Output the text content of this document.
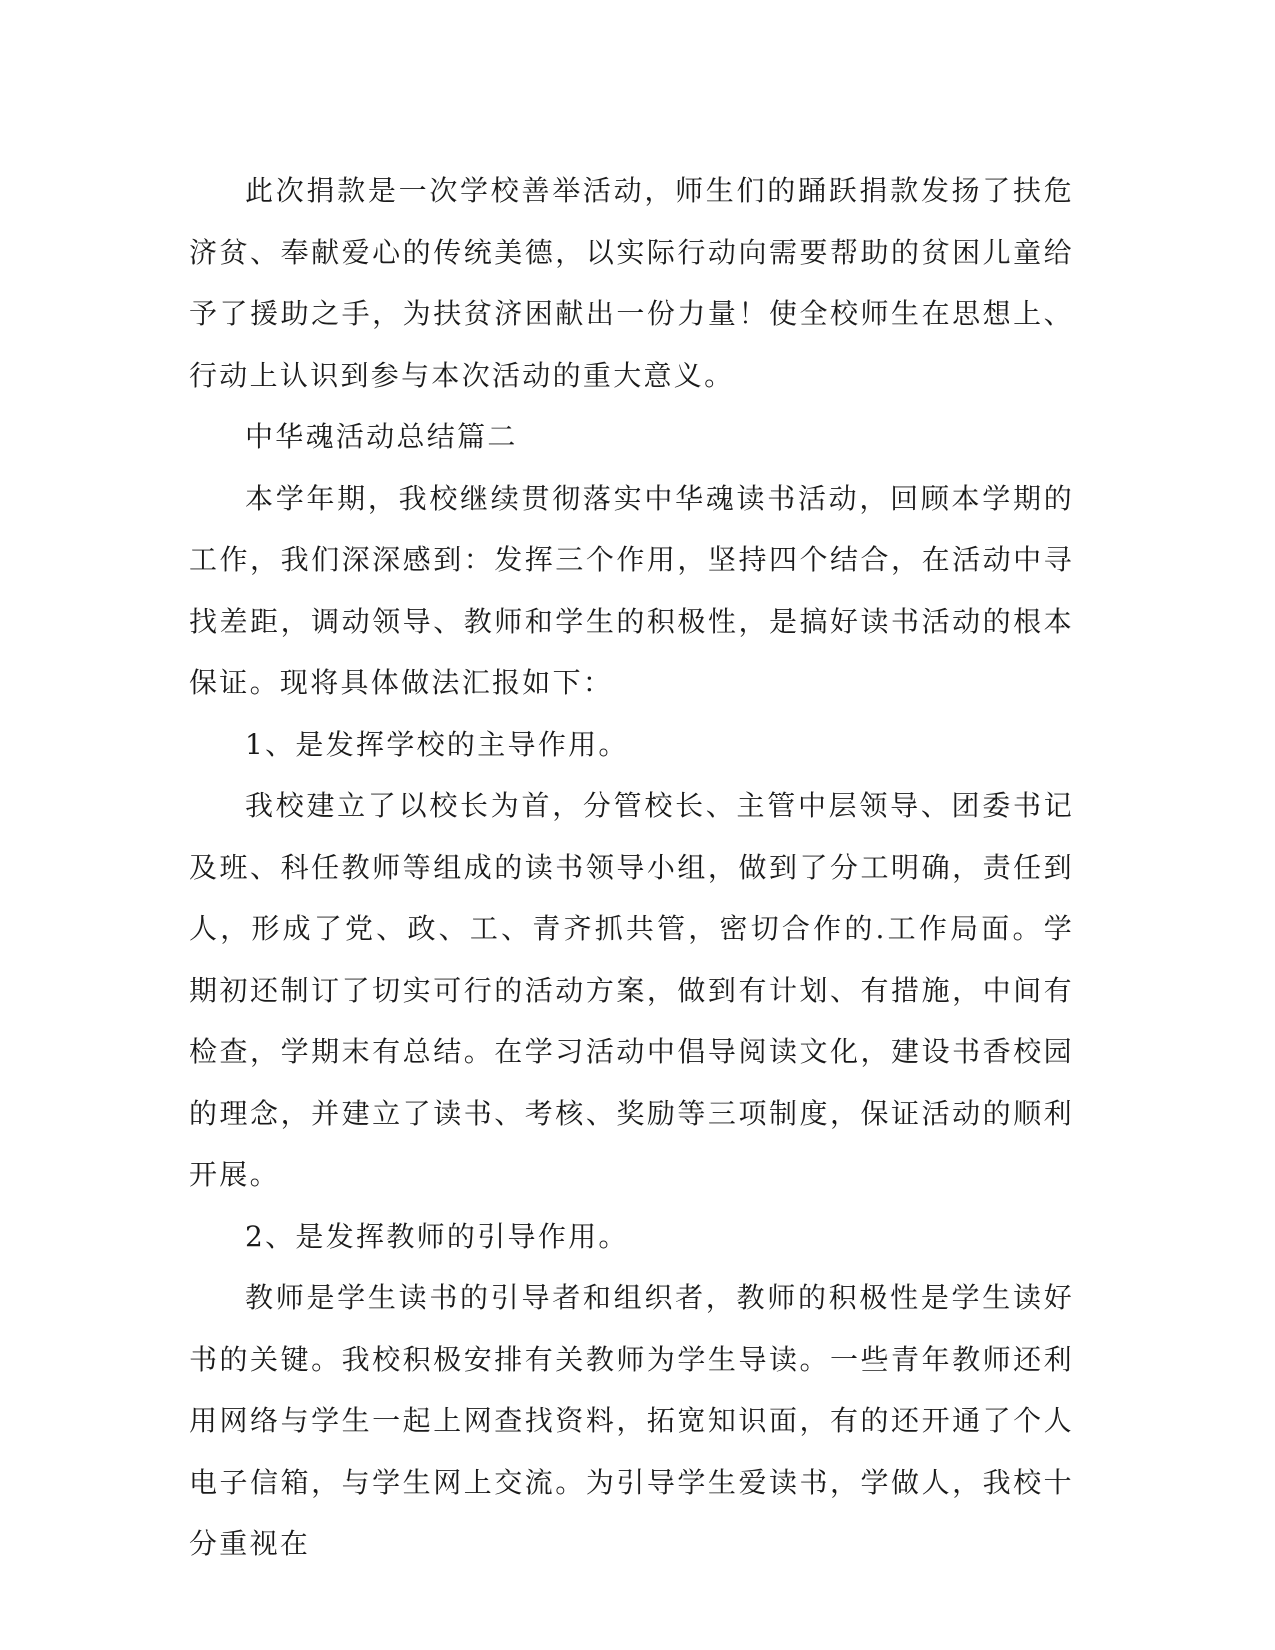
此次捐款是一次学校善举活动，师生们的踊跃捐款发扬了扶危济贫、奉献爱心的传统美德，以实际行动向需要帮助的贫困儿童给予了援助之手，为扶贫济困献出一份力量！使全校师生在思想上、行动上认识到参与本次活动的重大意义。

中华魂活动总结篇二

本学年期，我校继续贯彻落实中华魂读书活动，回顾本学期的工作，我们深深感到：发挥三个作用，坚持四个结合，在活动中寻找差距，调动领导、教师和学生的积极性，是搞好读书活动的根本保证。现将具体做法汇报如下：

1、是发挥学校的主导作用。

我校建立了以校长为首，分管校长、主管中层领导、团委书记及班、科任教师等组成的读书领导小组，做到了分工明确，责任到人，形成了党、政、工、青齐抓共管，密切合作的.工作局面。学期初还制订了切实可行的活动方案，做到有计划、有措施，中间有检查，学期末有总结。在学习活动中倡导阅读文化，建设书香校园的理念，并建立了读书、考核、奖励等三项制度，保证活动的顺利开展。

2、是发挥教师的引导作用。

教师是学生读书的引导者和组织者，教师的积极性是学生读好书的关键。我校积极安排有关教师为学生导读。一些青年教师还利用网络与学生一起上网查找资料，拓宽知识面，有的还开通了个人电子信箱，与学生网上交流。为引导学生爱读书，学做人，我校十分重视在
